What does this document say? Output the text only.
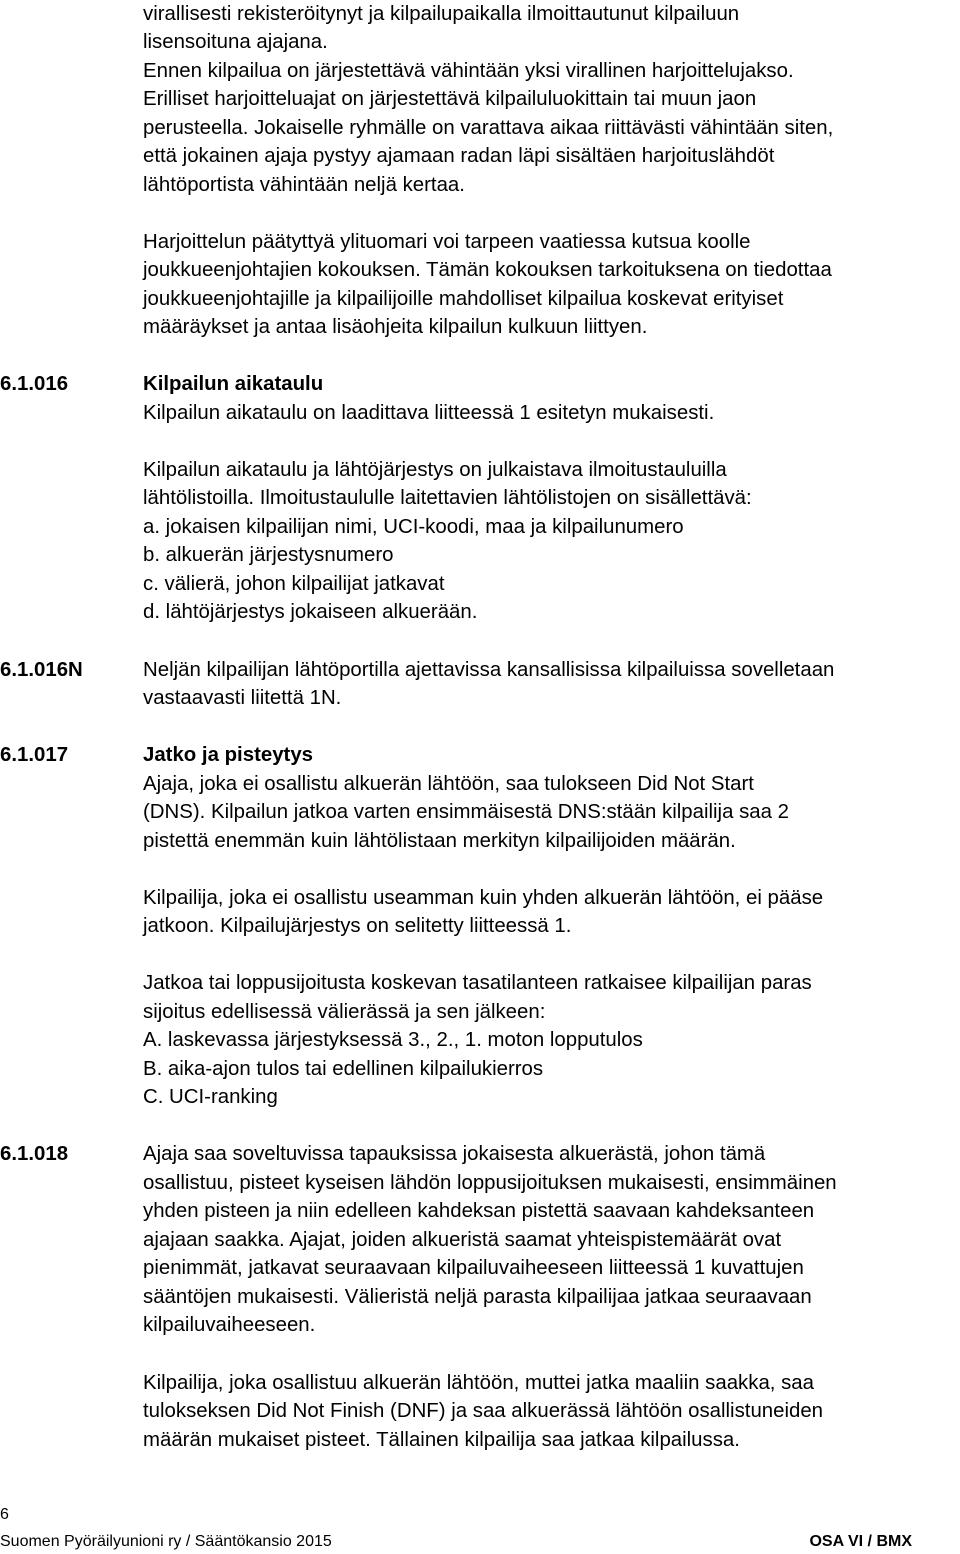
virallisesti rekisteröitynyt ja kilpailupaikalla ilmoittautunut kilpailuun
lisensoituna ajajana.
Ennen kilpailua on järjestettävä vähintään yksi virallinen harjoittelujakso.
Erilliset harjoitteluajat on järjestettävä kilpailuluokittain tai muun jaon
perusteella. Jokaiselle ryhmälle on varattava aikaa riittävästi vähintään siten,
että jokainen ajaja pystyy ajamaan radan läpi sisältäen harjoituslähdöt
lähtöportista vähintään neljä kertaa.
Harjoittelun päätyttyä ylituomari voi tarpeen vaatiessa kutsua koolle
joukkueenjohtajien kokouksen. Tämän kokouksen tarkoituksena on tiedottaa
joukkueenjohtajille ja kilpailijoille mahdolliset kilpailua koskevat erityiset
määräykset ja antaa lisäohjeita kilpailun kulkuun liittyen.
6.1.016	Kilpailun aikataulu
Kilpailun aikataulu on laadittava liitteessä 1 esitetyn mukaisesti.
Kilpailun aikataulu ja lähtöjärjestys on julkaistava ilmoitustauluilla
lähtölistoilla. Ilmoitustaululle laitettavien lähtölistojen on sisällettävä:
a. jokaisen kilpailijan nimi, UCI-koodi, maa ja kilpailunumero
b. alkuerän järjestysnumero
c. välierä, johon kilpailijat jatkavat
d. lähtöjärjestys jokaiseen alkuerään.
6.1.016N	Neljän kilpailijan lähtöportilla ajettavissa kansallisissa kilpailuissa sovelletaan
vastaavasti liitettä 1N.
6.1.017	Jatko ja pisteytys
Ajaja, joka ei osallistu alkuerän lähtöön, saa tulokseen Did Not Start
(DNS). Kilpailun jatkoa varten ensimmäisestä DNS:stään kilpailija saa 2
pistettä enemmän kuin lähtölistaan merkityn kilpailijoiden määrän.
Kilpailija, joka ei osallistu useamman kuin yhden alkuerän lähtöön, ei pääse
jatkoon. Kilpailujärjestys on selitetty liitteessä 1.
Jatkoa tai loppusijoitusta koskevan tasatilanteen ratkaisee kilpailijan paras
sijoitus edellisessä välierässä ja sen jälkeen:
A. laskevassa järjestyksessä 3., 2., 1. moton lopputulos
B. aika-ajon tulos tai edellinen kilpailukierros
C. UCI-ranking
6.1.018	Ajaja saa soveltuvissa tapauksissa jokaisesta alkuerästä, johon tämä
osallistuu, pisteet kyseisen lähdön loppusijoituksen mukaisesti, ensimmäinen
yhden pisteen ja niin edelleen kahdeksan pistettä saavaan kahdeksanteen
ajajaan saakka. Ajajat, joiden alkueristä saamat yhteispistemäärät ovat
pienimmät, jatkavat seuraavaan kilpailuvaiheeseen liitteessä 1 kuvattujen
sääntöjen mukaisesti. Välieristä neljä parasta kilpailijaa jatkaa seuraavaan
kilpailuvaiheeseen.
Kilpailija, joka osallistuu alkuerän lähtöön, muttei jatka maaliin saakka, saa
tulokseksen Did Not Finish (DNF) ja saa alkuerässä lähtöön osallistuneiden
määrän mukaiset pisteet. Tällainen kilpailija saa jatkaa kilpailussa.
6
Suomen Pyöräilyunioni ry / Sääntökansio 2015	OSA VI / BMX
